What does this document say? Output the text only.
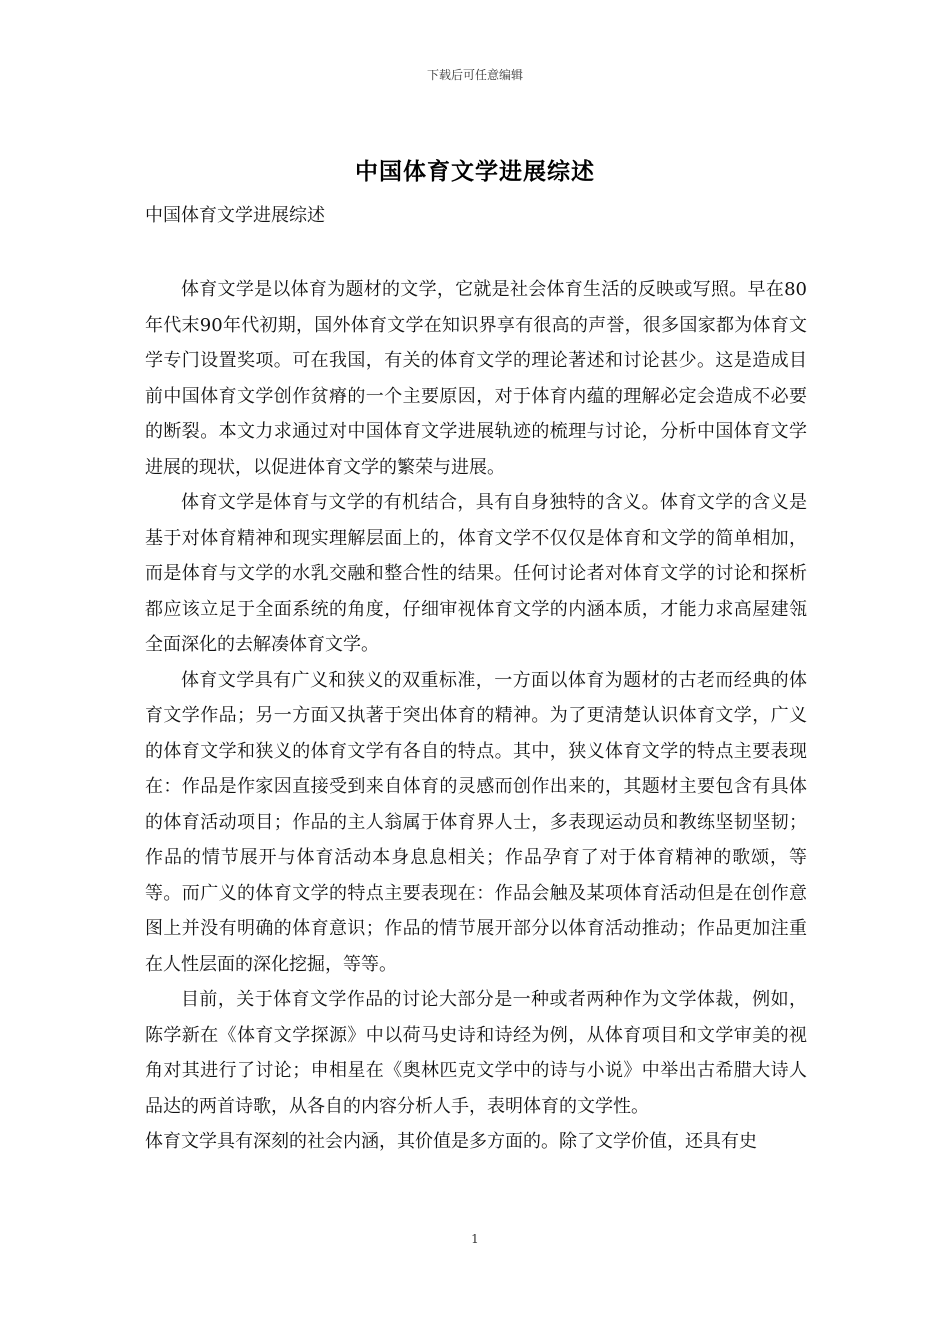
下载后可任意编辑
中国体育文学进展综述
中国体育文学进展综述

体育文学是以体育为题材的文学，它就是社会体育生活的反映或写照。早在80年代末90年代初期，国外体育文学在知识界享有很高的声誉，很多国家都为体育文学专门设置奖项。可在我国，有关的体育文学的理论著述和讨论甚少。这是造成目前中国体育文学创作贫瘠的一个主要原因，对于体育内蕴的理解必定会造成不必要的断裂。本文力求通过对中国体育文学进展轨迹的梳理与讨论，分析中国体育文学进展的现状，以促进体育文学的繁荣与进展。

体育文学是体育与文学的有机结合，具有自身独特的含义。体育文学的含义是基于对体育精神和现实理解层面上的，体育文学不仅仅是体育和文学的简单相加，而是体育与文学的水乳交融和整合性的结果。任何讨论者对体育文学的讨论和探析都应该立足于全面系统的角度，仔细审视体育文学的内涵本质，才能力求高屋建瓴全面深化的去解凑体育文学。

体育文学具有广义和狭义的双重标准，一方面以体育为题材的古老而经典的体育文学作品；另一方面又执著于突出体育的精神。为了更清楚认识体育文学，广义的体育文学和狭义的体育文学有各自的特点。其中，狭义体育文学的特点主要表现在：作品是作家因直接受到来自体育的灵感而创作出来的，其题材主要包含有具体的体育活动项目；作品的主人翁属于体育界人士，多表现运动员和教练坚韧坚韧；作品的情节展开与体育活动本身息息相关；作品孕育了对于体育精神的歌颂，等等。而广义的体育文学的特点主要表现在：作品会触及某项体育活动但是在创作意图上并没有明确的体育意识；作品的情节展开部分以体育活动推动；作品更加注重在人性层面的深化挖掘，等等。

目前，关于体育文学作品的讨论大部分是一种或者两种作为文学体裁，例如，陈学新在《体育文学探源》中以荷马史诗和诗经为例，从体育项目和文学审美的视角对其进行了讨论；申相星在《奥林匹克文学中的诗与小说》中举出古希腊大诗人品达的两首诗歌，从各自的内容分析人手，表明体育的文学性。

体育文学具有深刻的社会内涵，其价值是多方面的。除了文学价值，还具有史

1
